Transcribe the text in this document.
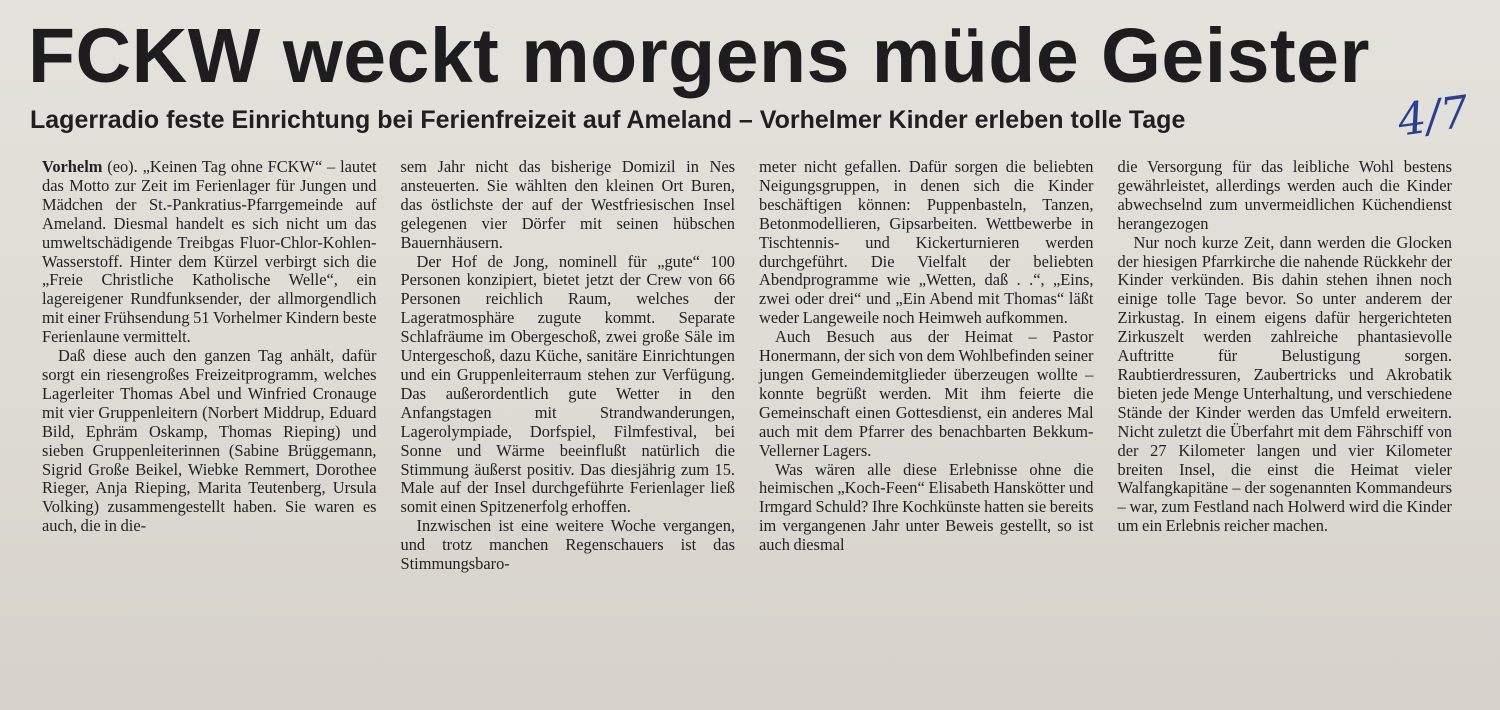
FCKW weckt morgens müde Geister
Lagerradio feste Einrichtung bei Ferienfreizeit auf Ameland – Vorhelmer Kinder erleben tolle Tage	4/7

Vorhelm (eo). „Keinen Tag ohne FCKW“ – lautet das Motto zur Zeit im Ferienlager für Jungen und Mädchen der St.-Pankratius-Pfarrgemeinde auf Ameland. Diesmal handelt es sich nicht um das umweltschädigende Treibgas Fluor-Chlor-Kohlen-Wasserstoff. Hinter dem Kürzel verbirgt sich die „Freie Christliche Katholische Welle“, ein lagereigener Rundfunksender, der allmorgendlich mit einer Frühsendung 51 Vorhelmer Kindern beste Ferienlaune vermittelt.

Daß diese auch den ganzen Tag anhält, dafür sorgt ein riesengroßes Freizeitprogramm, welches Lagerleiter Thomas Abel und Winfried Cronauge mit vier Gruppenleitern (Norbert Middrup, Eduard Bild, Ephräm Oskamp, Thomas Rieping) und sieben Gruppenleiterinnen (Sabine Brüggemann, Sigrid Große Beikel, Wiebke Remmert, Dorothee Rieger, Anja Rieping, Marita Teutenberg, Ursula Volking) zusammengestellt haben. Sie waren es auch, die in die-

sem Jahr nicht das bisherige Domizil in Nes ansteuerten. Sie wählten den kleinen Ort Buren, das östlichste der auf der Westfriesischen Insel gelegenen vier Dörfer mit seinen hübschen Bauernhäusern.

Der Hof de Jong, nominell für „gute“ 100 Personen konzipiert, bietet jetzt der Crew von 66 Personen reichlich Raum, welches der Lageratmosphäre zugute kommt. Separate Schlafräume im Obergeschoß, zwei große Säle im Untergeschoß, dazu Küche, sanitäre Einrichtungen und ein Gruppenleiterraum stehen zur Verfügung. Das außerordentlich gute Wetter in den Anfangstagen mit Strandwanderungen, Lagerolympiade, Dorfspiel, Filmfestival, bei Sonne und Wärme beeinflußt natürlich die Stimmung äußerst positiv. Das diesjährig zum 15. Male auf der Insel durchgeführte Ferienlager ließ somit einen Spitzenerfolg erhoffen.

Inzwischen ist eine weitere Woche vergangen, und trotz manchen Regenschauers ist das Stimmungsbaro-

meter nicht gefallen. Dafür sorgen die beliebten Neigungsgruppen, in denen sich die Kinder beschäftigen können: Puppenbasteln, Tanzen, Betonmodellieren, Gipsarbeiten. Wettbewerbe in Tischtennis- und Kickerturnieren werden durchgeführt. Die Vielfalt der beliebten Abendprogramme wie „Wetten, daß . .“, „Eins, zwei oder drei“ und „Ein Abend mit Thomas“ läßt weder Langeweile noch Heimweh aufkommen.

Auch Besuch aus der Heimat – Pastor Honermann, der sich von dem Wohlbefinden seiner jungen Gemeindemitglieder überzeugen wollte – konnte begrüßt werden. Mit ihm feierte die Gemeinschaft einen Gottesdienst, ein anderes Mal auch mit dem Pfarrer des benachbarten Bekkum-Vellerner Lagers.

Was wären alle diese Erlebnisse ohne die heimischen „Koch-Feen“ Elisabeth Hanskötter und Irmgard Schuld? Ihre Kochkünste hatten sie bereits im vergangenen Jahr unter Beweis gestellt, so ist auch diesmal

die Versorgung für das leibliche Wohl bestens gewährleistet, allerdings werden auch die Kinder abwechselnd zum unvermeidlichen Küchendienst herangezogen

Nur noch kurze Zeit, dann werden die Glocken der hiesigen Pfarrkirche die nahende Rückkehr der Kinder verkünden. Bis dahin stehen ihnen noch einige tolle Tage bevor. So unter anderem der Zirkustag. In einem eigens dafür hergerichteten Zirkuszelt werden zahlreiche phantasievolle Auftritte für Belustigung sorgen. Raubtierdressuren, Zaubertricks und Akrobatik bieten jede Menge Unterhaltung, und verschiedene Stände der Kinder werden das Umfeld erweitern. Nicht zuletzt die Überfahrt mit dem Fährschiff von der 27 Kilometer langen und vier Kilometer breiten Insel, die einst die Heimat vieler Walfangkapitäne – der sogenannten Kommandeurs – war, zum Festland nach Holwerd wird die Kinder um ein Erlebnis reicher machen.
